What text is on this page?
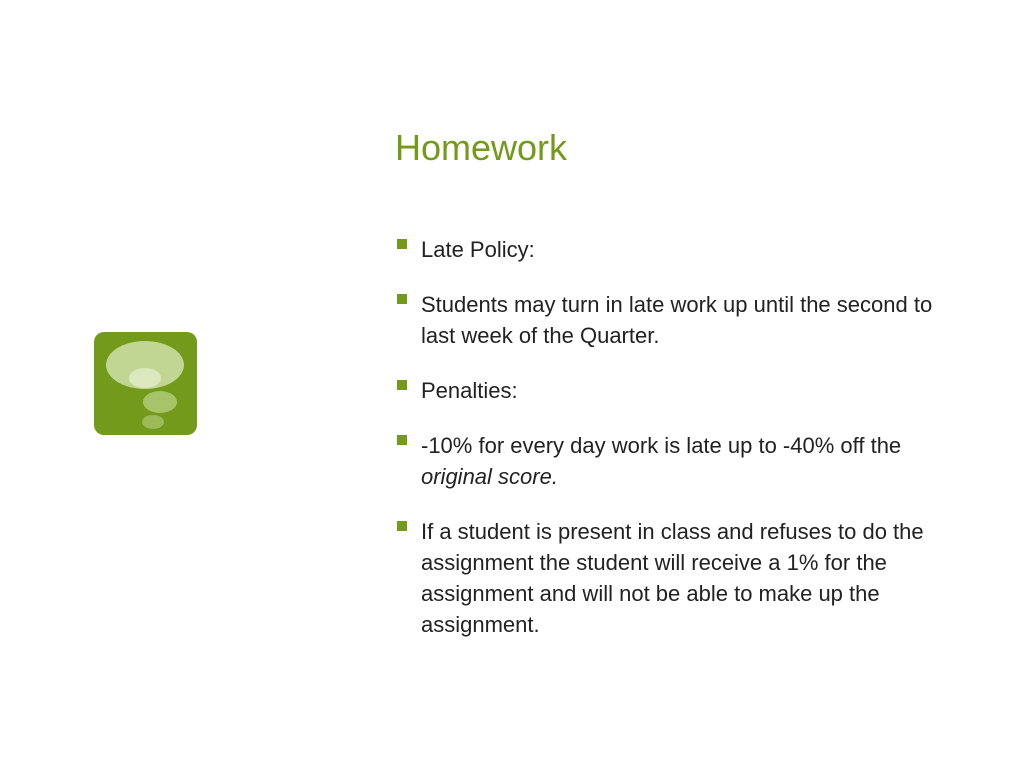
Homework
Late Policy:
Students may turn in late work up until the second to last week of the Quarter.
Penalties:
-10% for every day work is late up to -40% off the original score.
If a student is present in class and refuses to do the assignment the student will receive a 1% for the assignment and will not be able to make up the assignment.
